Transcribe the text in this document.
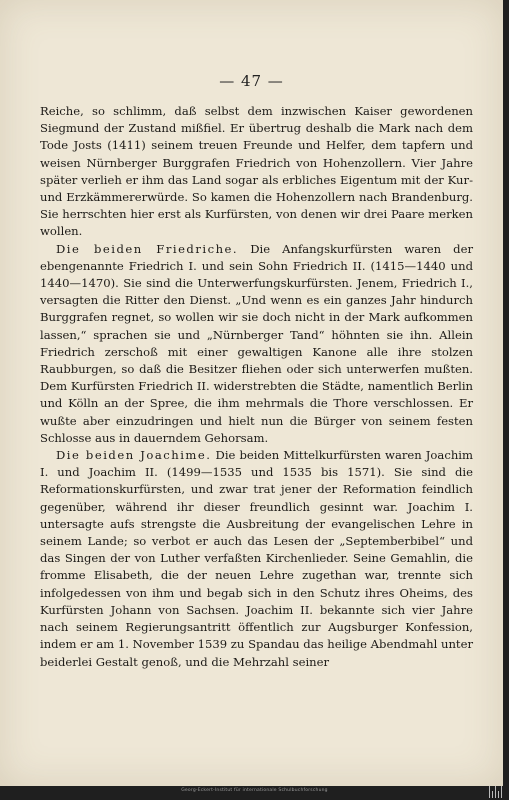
— 47 —

Reiche, so schlimm, daß selbst dem inzwischen Kaiser gewordenen Siegmund der Zustand mißfiel. Er übertrug deshalb die Mark nach dem Tode Josts (1411) seinem treuen Freunde und Helfer, dem tapfern und weisen Nürnberger Burggrafen Friedrich von Hohenzollern. Vier Jahre später verlieh er ihm das Land sogar als erbliches Eigentum mit der Kur- und Erzkämmererwürde. So kamen die Hohenzollern nach Brandenburg. Sie herrschten hier erst als Kurfürsten, von denen wir drei Paare merken wollen.

Die beiden Friedriche. Die Anfangskurfürsten waren der ebengenannte Friedrich I. und sein Sohn Friedrich II. (1415—1440 und 1440—1470). Sie sind die Unterwerfungskurfürsten. Jenem, Friedrich I., versagten die Ritter den Dienst. „Und wenn es ein ganzes Jahr hindurch Burggrafen regnet, so wollen wir sie doch nicht in der Mark aufkommen lassen,“ sprachen sie und „Nürnberger Tand“ höhnten sie ihn. Allein Friedrich zerschoß mit einer gewaltigen Kanone alle ihre stolzen Raubburgen, so daß die Besitzer fliehen oder sich unterwerfen mußten. Dem Kurfürsten Friedrich II. widerstrebten die Städte, namentlich Berlin und Kölln an der Spree, die ihm mehrmals die Thore verschlossen. Er wußte aber einzudringen und hielt nun die Bürger von seinem festen Schlosse aus in dauerndem Gehorsam.

Die beiden Joachime. Die beiden Mittelkurfürsten waren Joachim I. und Joachim II. (1499—1535 und 1535 bis 1571). Sie sind die Reformationskurfürsten, und zwar trat jener der Reformation feindlich gegenüber, während ihr dieser freundlich gesinnt war. Joachim I. untersagte aufs strengste die Ausbreitung der evangelischen Lehre in seinem Lande; so verbot er auch das Lesen der „Septemberbibel“ und das Singen der von Luther verfaßten Kirchenlieder. Seine Gemahlin, die fromme Elisabeth, die der neuen Lehre zugethan war, trennte sich infolgedessen von ihm und begab sich in den Schutz ihres Oheims, des Kurfürsten Johann von Sachsen. Joachim II. bekannte sich vier Jahre nach seinem Regierungsantritt öffentlich zur Augsburger Konfession, indem er am 1. November 1539 zu Spandau das heilige Abendmahl unter beiderlei Gestalt genoß, und die Mehrzahl seiner

Georg-Eckert-Institut für internationale Schulbuchforschung
